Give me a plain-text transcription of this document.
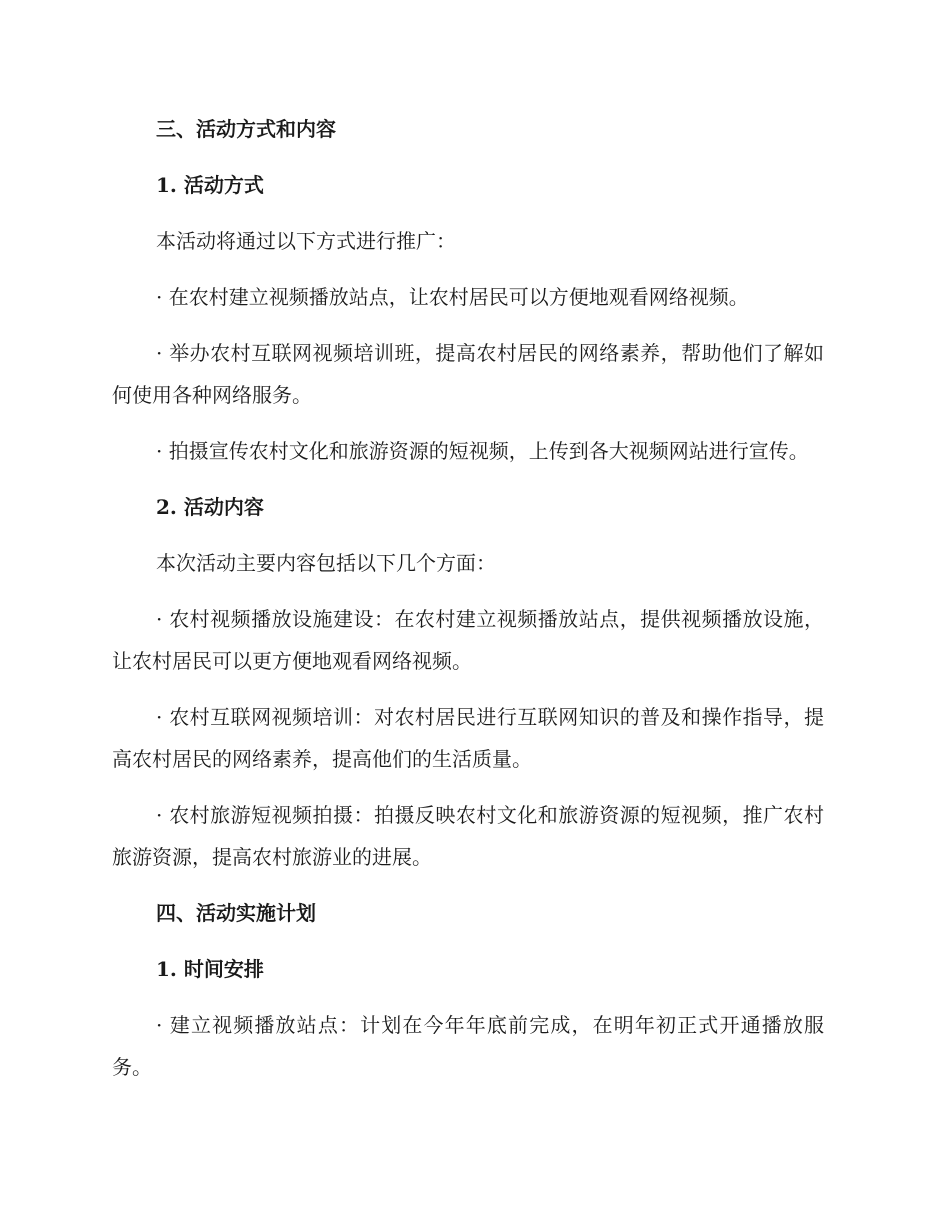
三、活动方式和内容

1. 活动方式

本活动将通过以下方式进行推广：

· 在农村建立视频播放站点，让农村居民可以方便地观看网络视频。

· 举办农村互联网视频培训班，提高农村居民的网络素养，帮助他们了解如何使用各种网络服务。

· 拍摄宣传农村文化和旅游资源的短视频，上传到各大视频网站进行宣传。

2. 活动内容

本次活动主要内容包括以下几个方面：

· 农村视频播放设施建设：在农村建立视频播放站点，提供视频播放设施，让农村居民可以更方便地观看网络视频。

· 农村互联网视频培训：对农村居民进行互联网知识的普及和操作指导，提高农村居民的网络素养，提高他们的生活质量。

· 农村旅游短视频拍摄：拍摄反映农村文化和旅游资源的短视频，推广农村旅游资源，提高农村旅游业的进展。

四、活动实施计划

1. 时间安排

· 建立视频播放站点：计划在今年年底前完成，在明年初正式开通播放服务。
